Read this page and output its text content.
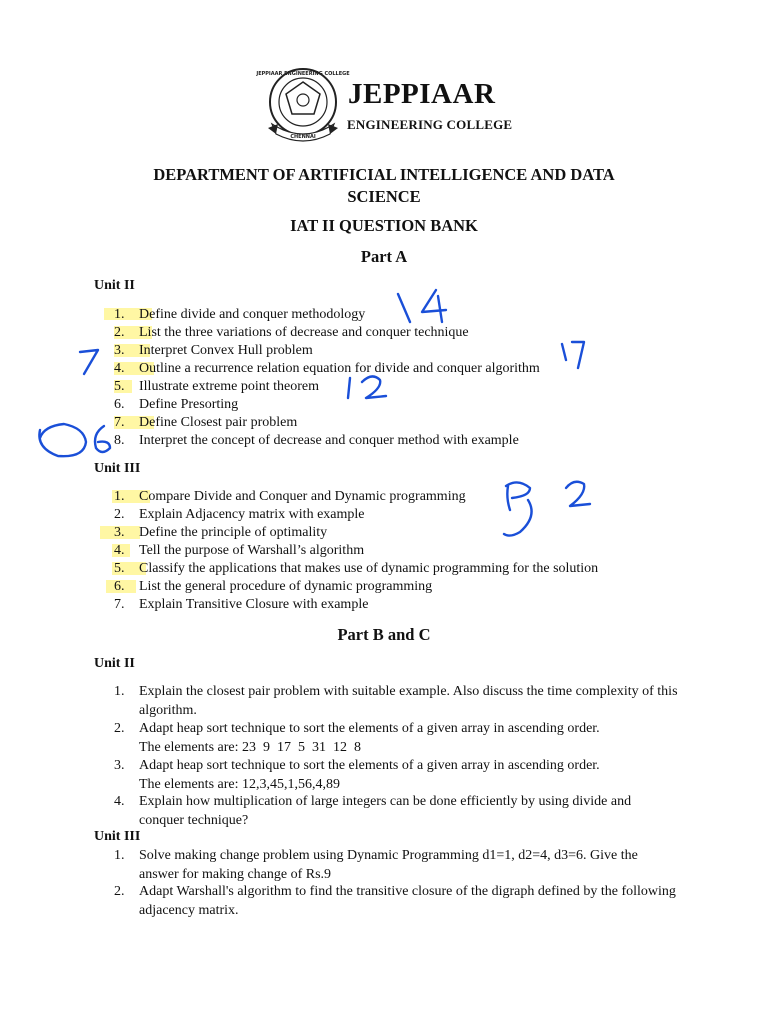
JEPPIAAR ENGINEERING COLLEGE
CHENNAI
JEPPIAAR
ENGINEERING COLLEGE
DEPARTMENT OF ARTIFICIAL INTELLIGENCE AND DATA SCIENCE
IAT II QUESTION BANK
Part A
Unit II
1. Define divide and conquer methodology
2. List the three variations of decrease and conquer technique
3. Interpret Convex Hull problem
4. Outline a recurrence relation equation for divide and conquer algorithm
5. Illustrate extreme point theorem
6. Define Presorting
7. Define Closest pair problem
8. Interpret the concept of decrease and conquer method with example
Unit III
1. Compare Divide and Conquer and Dynamic programming
2. Explain Adjacency matrix with example
3. Define the principle of optimality
4. Tell the purpose of Warshall’s algorithm
5. Classify the applications that makes use of dynamic programming for the solution
6. List the general procedure of dynamic programming
7. Explain Transitive Closure with example
Part B and C
Unit II
1.	Explain the closest pair problem with suitable example. Also discuss the time complexity of this algorithm.
2.	Adapt heap sort technique to sort the elements of a given array in ascending order.
The elements are: 23  9  17  5  31  12  8
3.	Adapt heap sort technique to sort the elements of a given array in ascending order.
The elements are: 12,3,45,1,56,4,89
4.	Explain how multiplication of large integers can be done efficiently by using divide and conquer technique?
Unit III
1.	Solve making change problem using Dynamic Programming d1=1, d2=4, d3=6. Give the answer for making change of Rs.9
2.	Adapt Warshall's algorithm to find the transitive closure of the digraph defined by the following adjacency matrix.
